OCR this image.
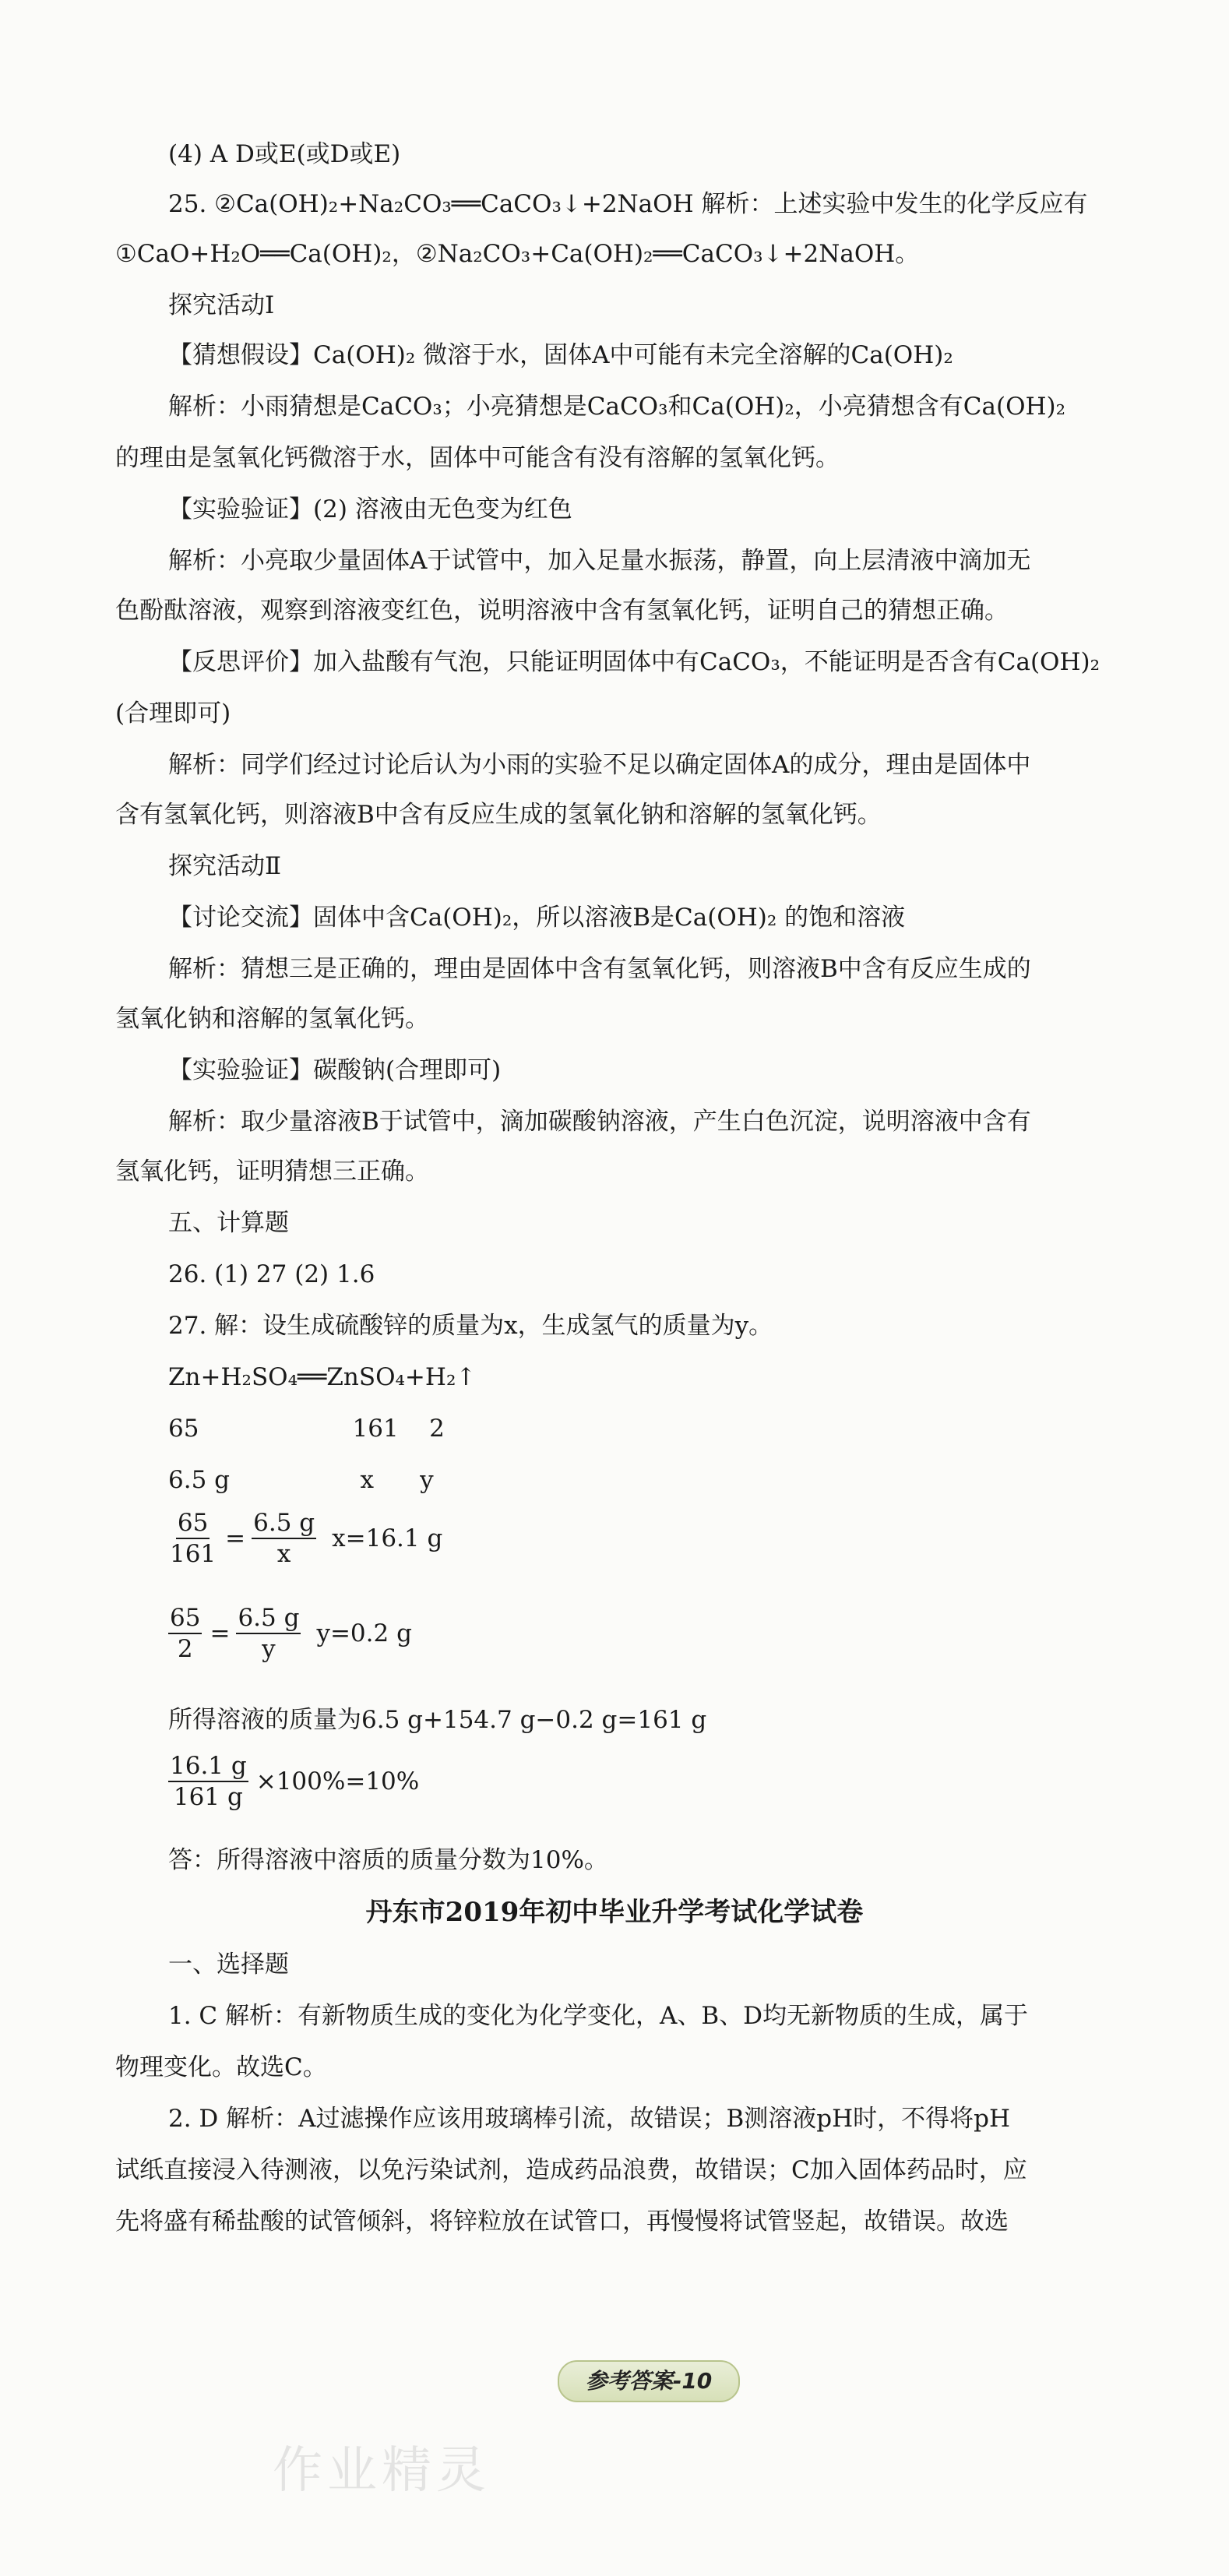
(4) A D或E(或D或E)

25. ②Ca(OH)₂+Na₂CO₃══CaCO₃↓+2NaOH 解析：上述实验中发生的化学反应有

①CaO+H₂O══Ca(OH)₂，②Na₂CO₃+Ca(OH)₂══CaCO₃↓+2NaOH。

探究活动Ⅰ

【猜想假设】Ca(OH)₂ 微溶于水，固体A中可能有未完全溶解的Ca(OH)₂

解析：小雨猜想是CaCO₃；小亮猜想是CaCO₃和Ca(OH)₂，小亮猜想含有Ca(OH)₂

的理由是氢氧化钙微溶于水，固体中可能含有没有溶解的氢氧化钙。

【实验验证】(2) 溶液由无色变为红色

解析：小亮取少量固体A于试管中，加入足量水振荡，静置，向上层清液中滴加无

色酚酞溶液，观察到溶液变红色，说明溶液中含有氢氧化钙，证明自己的猜想正确。

【反思评价】加入盐酸有气泡，只能证明固体中有CaCO₃，不能证明是否含有Ca(OH)₂

(合理即可)

解析：同学们经过讨论后认为小雨的实验不足以确定固体A的成分，理由是固体中

含有氢氧化钙，则溶液B中含有反应生成的氢氧化钠和溶解的氢氧化钙。

探究活动Ⅱ

【讨论交流】固体中含Ca(OH)₂，所以溶液B是Ca(OH)₂ 的饱和溶液

解析：猜想三是正确的，理由是固体中含有氢氧化钙，则溶液B中含有反应生成的

氢氧化钠和溶解的氢氧化钙。

【实验验证】碳酸钠(合理即可)

解析：取少量溶液B于试管中，滴加碳酸钠溶液，产生白色沉淀，说明溶液中含有

氢氧化钙，证明猜想三正确。

五、计算题

26. (1) 27 (2) 1.6

27. 解：设生成硫酸锌的质量为x，生成氢气的质量为y。

Zn+H₂SO₄══ZnSO₄+H₂↑

65                    161    2

6.5 g                 x      y

$\frac{65}{161} = \frac{6.5 g}{x} x=16.1$ g
$\frac{65}{2} = \frac{6.5 g}{y} y=0.2$ g

所得溶液的质量为6.5 g+154.7 g−0.2 g=161 g

$\frac{16.1 g}{161 g} \times 100\%=10\%$

答：所得溶液中溶质的质量分数为10%。

丹东市2019年初中毕业升学考试化学试卷

一、选择题

1. C 解析：有新物质生成的变化为化学变化，A、B、D均无新物质的生成，属于

物理变化。故选C。

2. D 解析：A过滤操作应该用玻璃棒引流，故错误；B测溶液pH时，不得将pH

试纸直接浸入待测液，以免污染试剂，造成药品浪费，故错误；C加入固体药品时，应

先将盛有稀盐酸的试管倾斜，将锌粒放在试管口，再慢慢将试管竖起，故错误。故选

参考答案-10
作业精灵
